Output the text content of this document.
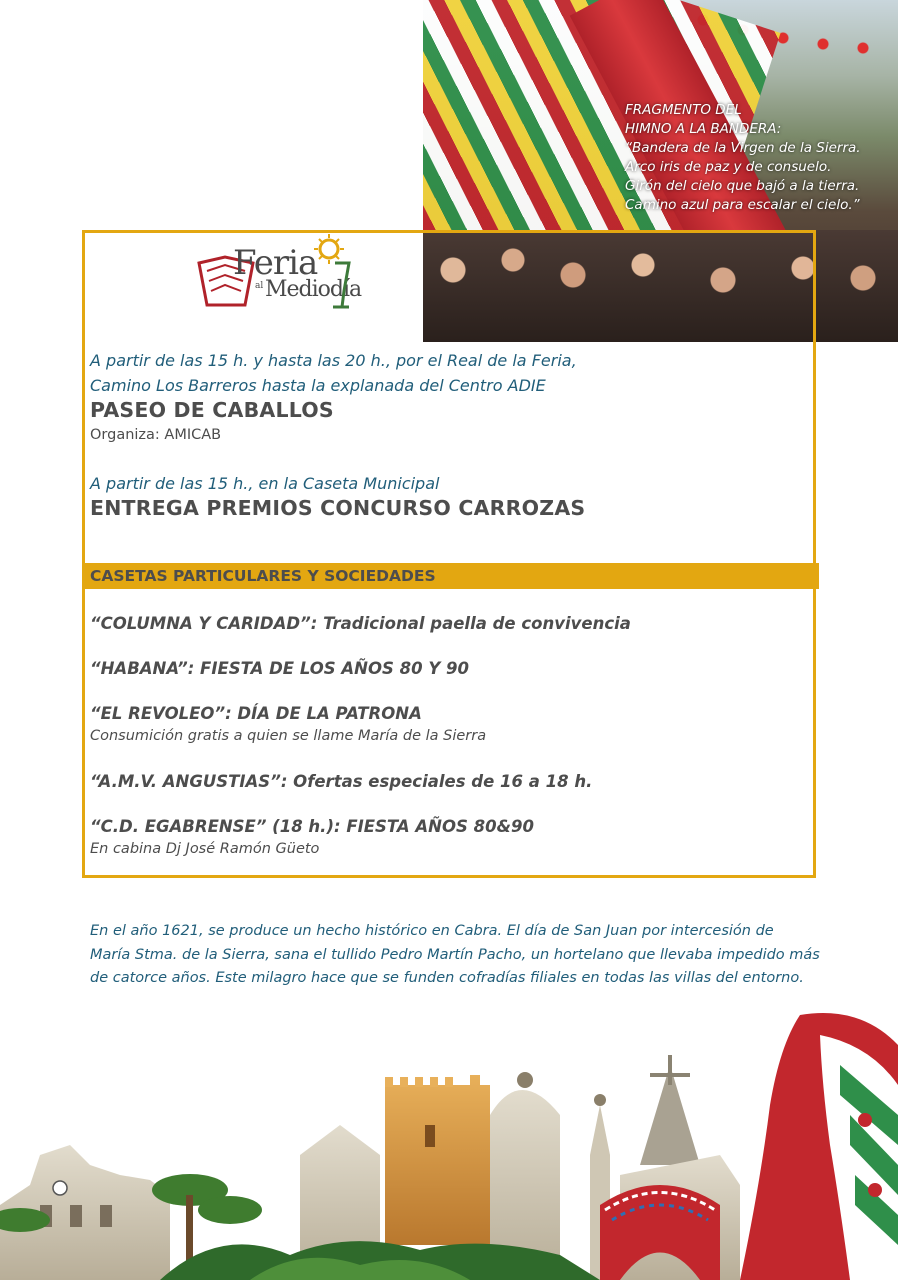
FRAGMENTO DEL
HIMNO A LA BANDERA:
“Bandera de la Virgen de la Sierra.
Arco iris de paz y de consuelo.
Girón del cielo que bajó a la tierra.
Camino azul para escalar el cielo.”
Feria
al Mediodía
A partir de las 15 h. y hasta las 20 h., por el Real de la Feria,
Camino Los Barreros hasta la explanada del Centro ADIE
PASEO DE CABALLOS
Organiza: AMICAB
A partir de las 15 h., en la Caseta Municipal
ENTREGA PREMIOS CONCURSO CARROZAS
CASETAS PARTICULARES Y SOCIEDADES
“COLUMNA Y CARIDAD”: Tradicional paella de convivencia
“HABANA”: FIESTA DE LOS AÑOS 80 Y 90
“EL REVOLEO”: DÍA DE LA PATRONA
Consumición gratis a quien se llame María de la Sierra
“A.M.V. ANGUSTIAS”: Ofertas especiales de 16 a 18 h.
“C.D. EGABRENSE” (18 h.): FIESTA AÑOS 80&90
En cabina Dj José Ramón Güeto
En el año 1621, se produce un hecho histórico en Cabra. El día de San Juan por intercesión de
María Stma. de la Sierra, sana el tullido Pedro Martín Pacho, un hortelano que llevaba impedido más
de catorce años. Este milagro hace que se funden cofradías filiales en todas las villas del entorno.
